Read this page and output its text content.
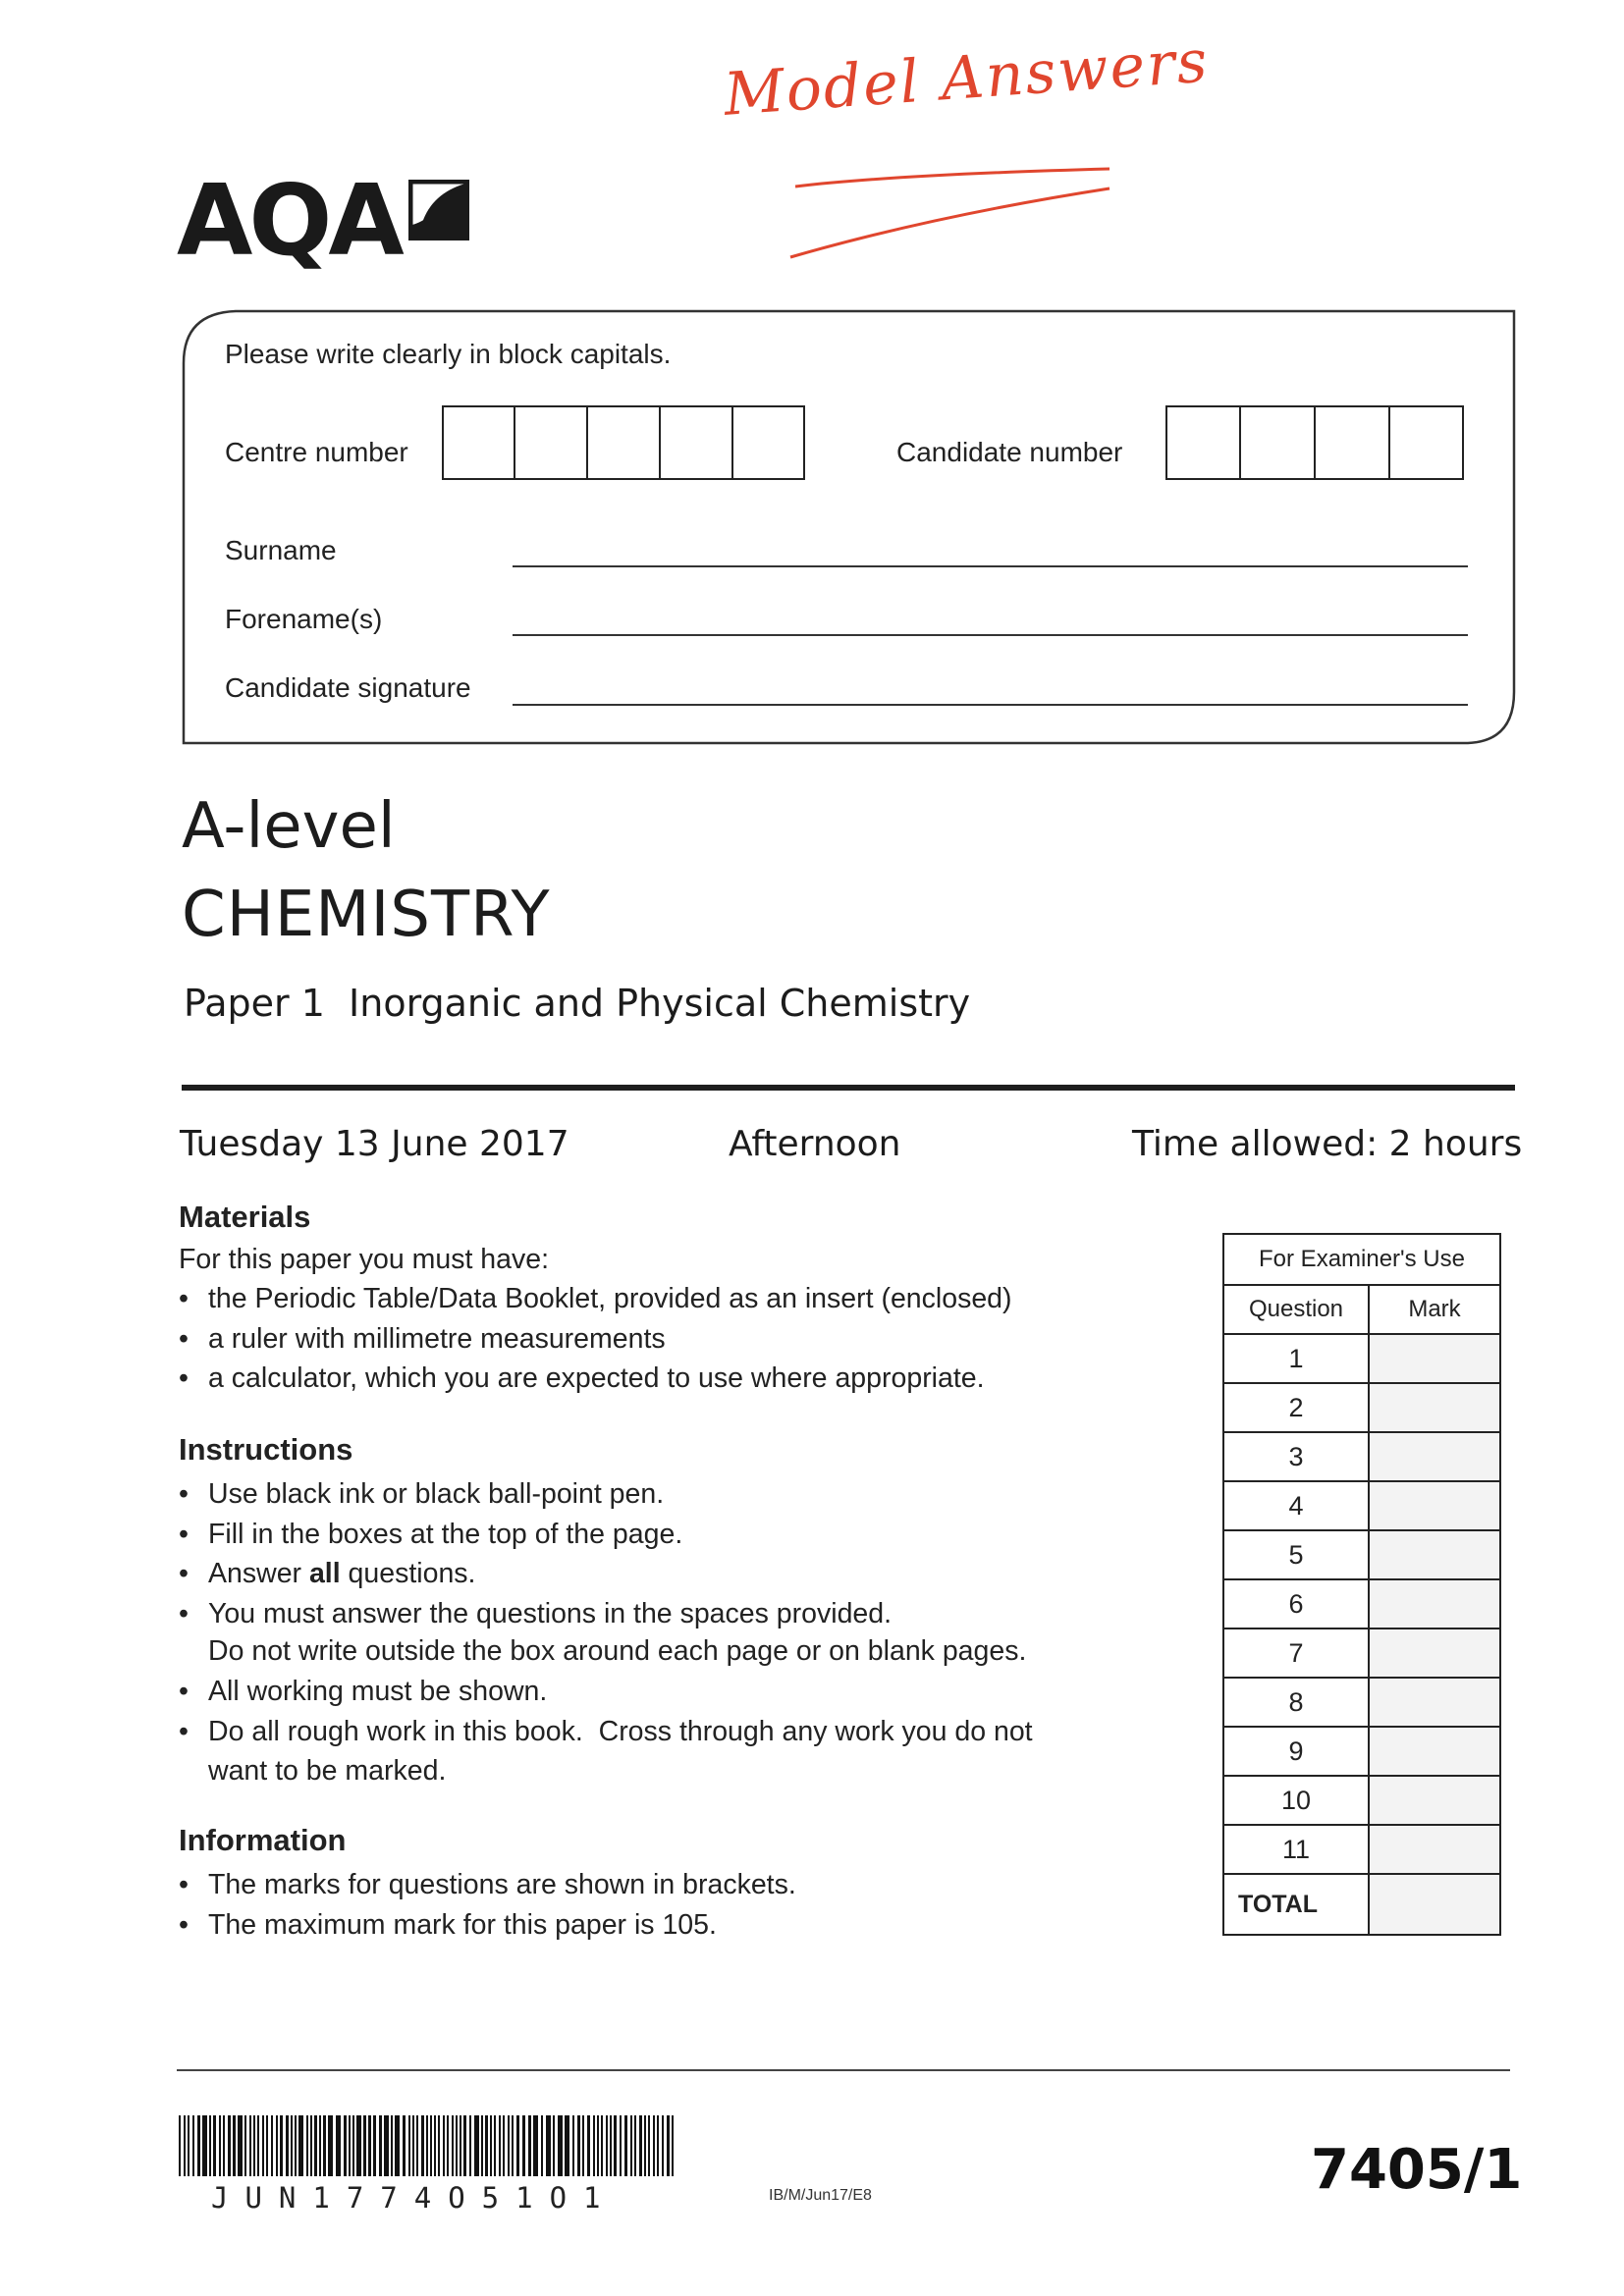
Model Answers
AQA
Please write clearly in block capitals.
Centre number	Candidate number
Surname
Forename(s)
Candidate signature
A-level
CHEMISTRY
Paper 1  Inorganic and Physical Chemistry
Tuesday 13 June 2017	Afternoon	Time allowed: 2 hours
Materials
For this paper you must have:
• the Periodic Table/Data Booklet, provided as an insert (enclosed)
• a ruler with millimetre measurements
• a calculator, which you are expected to use where appropriate.
Instructions
• Use black ink or black ball-point pen.
• Fill in the boxes at the top of the page.
• Answer all questions.
• You must answer the questions in the spaces provided.
Do not write outside the box around each page or on blank pages.
• All working must be shown.
• Do all rough work in this book.  Cross through any work you do not
want to be marked.
Information
• The marks for questions are shown in brackets.
• The maximum mark for this paper is 105.
For Examiner's Use	
Question	Mark
1	
2	
3	
4	
5	
6	
7	
8	
9	
10	
11	
TOTAL	
JUN1774O51O1	IB/M/Jun17/E8	7405/1
